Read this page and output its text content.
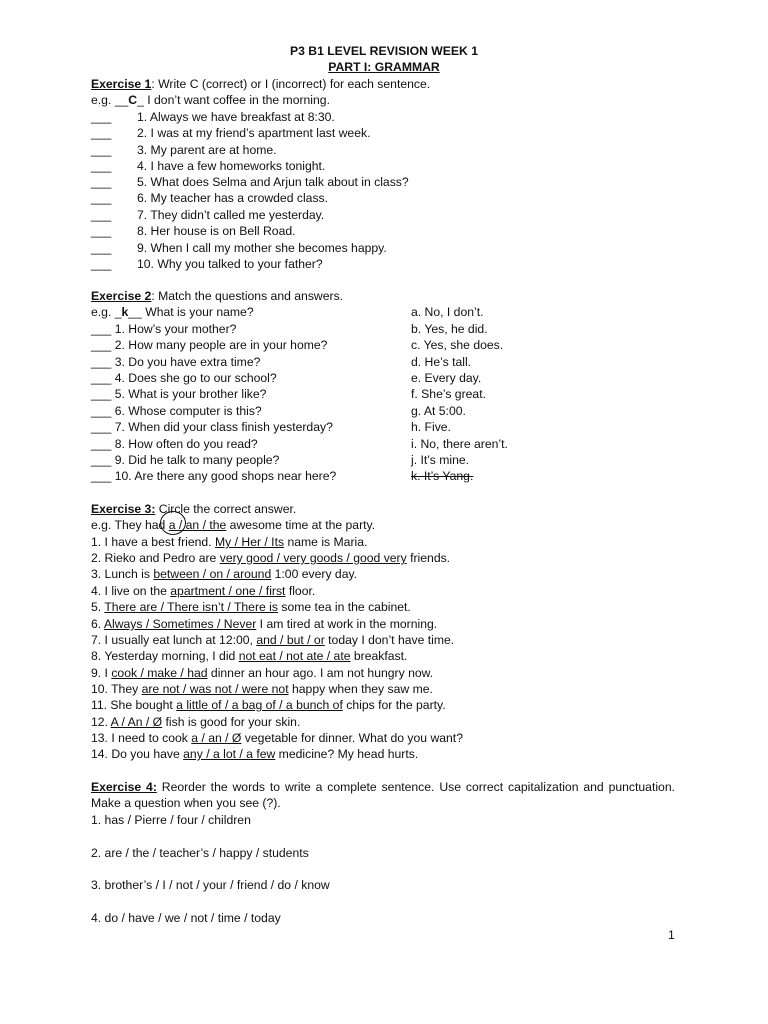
P3 B1 LEVEL REVISION WEEK 1
PART I: GRAMMAR
Exercise 1: Write C (correct) or I (incorrect) for each sentence.
e.g. __C_ I don’t want coffee in the morning.
___ 1. Always we have breakfast at 8:30.
___ 2. I was at my friend’s apartment last week.
___ 3. My parent are at home.
___ 4. I have a few homeworks tonight.
___ 5. What does Selma and Arjun talk about in class?
___ 6. My teacher has a crowded class.
___ 7. They didn’t called me yesterday.
___ 8. Her house is on Bell Road.
___ 9. When I call my mother she becomes happy.
___ 10. Why you talked to your father?
Exercise 2: Match the questions and answers.
e.g. _k__ What is your name?
___ 1. How’s your mother?
___ 2. How many people are in your home?
___ 3. Do you have extra time?
___ 4. Does she go to our school?
___ 5. What is your brother like?
___ 6. Whose computer is this?
___ 7. When did your class finish yesterday?
___ 8. How often do you read?
___ 9. Did he talk to many people?
___ 10. Are there any good shops near here?
a. No, I don’t.
b. Yes, he did.
c. Yes, she does.
d. He’s tall.
e. Every day.
f. She’s great.
g. At 5:00.
h. Five.
i. No, there aren’t.
j. It’s mine.
k. It’s Yang.
Exercise 3: Circle the correct answer.
e.g. They had a / an / the awesome time at the party.
1. I have a best friend. My / Her / Its name is Maria.
2. Rieko and Pedro are very good / very goods / good very friends.
3. Lunch is between / on / around 1:00 every day.
4. I live on the apartment / one / first floor.
5. There are / There isn’t / There is some tea in the cabinet.
6. Always / Sometimes / Never I am tired at work in the morning.
7. I usually eat lunch at 12:00, and / but / or today I don’t have time.
8. Yesterday morning, I did not eat / not ate / ate breakfast.
9. I cook / make / had dinner an hour ago. I am not hungry now.
10. They are not / was not / were not happy when they saw me.
11. She bought a little of / a bag of / a bunch of chips for the party.
12. A / An / Ø fish is good for your skin.
13. I need to cook a / an / Ø vegetable for dinner. What do you want?
14. Do you have any / a lot / a few medicine? My head hurts.
Exercise 4: Reorder the words to write a complete sentence. Use correct capitalization and punctuation. Make a question when you see (?).
1. has / Pierre / four / children
2. are / the / teacher’s / happy / students
3. brother’s / I / not / your / friend / do / know
4. do / have / we / not / time / today
1
